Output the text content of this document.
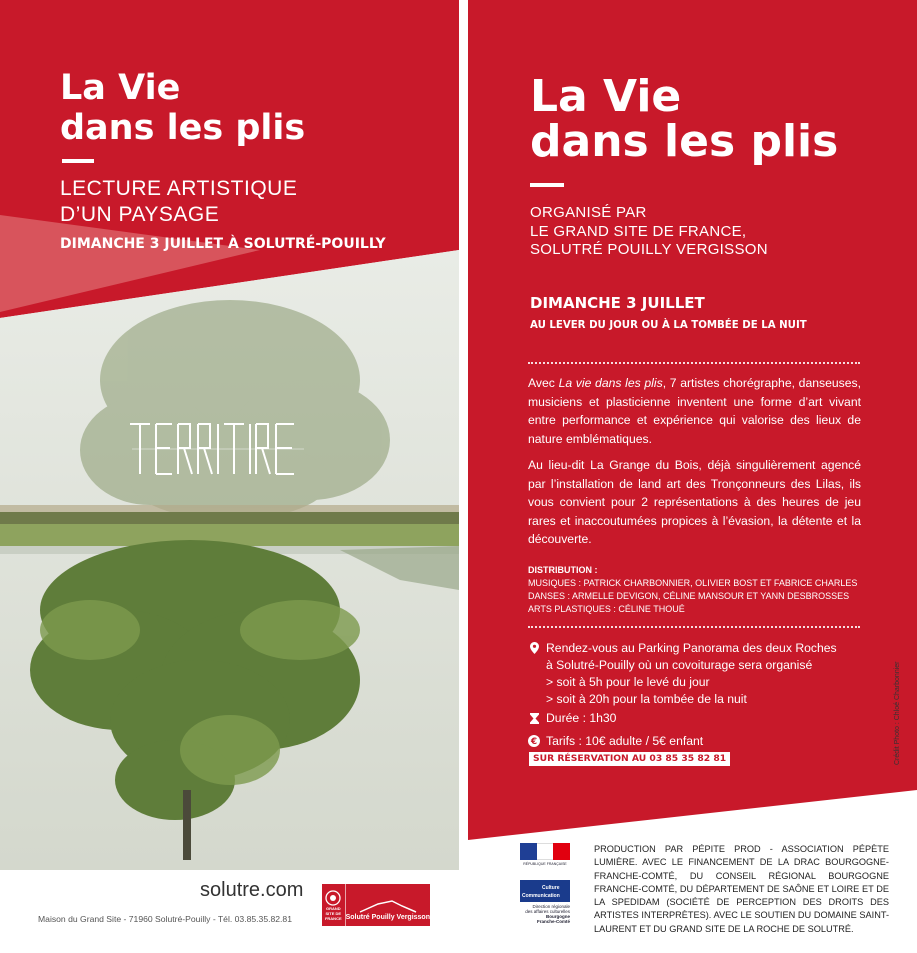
La Vie
dans les plis
LECTURE ARTISTIQUE
D’UN PAYSAGE
DIMANCHE 3 JUILLET À SOLUTRÉ-POUILLY
solutre.com
Maison du Grand Site - 71960 Solutré-Pouilly - Tél. 03.85.35.82.81
GRAND SITE DE FRANCE Solutré Pouilly Vergisson
La Vie
dans les plis
ORGANISÉ PAR
LE GRAND SITE DE FRANCE,
SOLUTRÉ POUILLY VERGISSON
DIMANCHE 3 JUILLET
AU LEVER DU JOUR OU À LA TOMBÉE DE LA NUIT
Avec La vie dans les plis, 7 artistes chorégraphe, danseuses, musiciens et plasticienne inventent une forme d’art vivant entre performance et expérience qui valorise des lieux de nature emblématiques.
Au lieu-dit La Grange du Bois, déjà singulièrement agencé par l’installation de land art des Tronçonneurs des Lilas, ils vous convient pour 2 représentations à des heures de jeu rares et inaccoutumées propices à l’évasion, la détente et la découverte.
DISTRIBUTION :
MUSIQUES : PATRICK CHARBONNIER, OLIVIER BOST ET FABRICE CHARLES
DANSES : ARMELLE DEVIGON, CÉLINE MANSOUR ET YANN DESBROSSES
ARTS PLASTIQUES : CÉLINE THOUÉ
Rendez-vous au Parking Panorama des deux Roches
à Solutré-Pouilly où un covoiturage sera organisé
> soit à 5h pour le levé du jour
> soit à 20h pour la tombée de la nuit
Durée : 1h30
€ Tarifs : 10€ adulte / 5€ enfant
SUR RÉSERVATION AU 03 85 35 82 81	Crédit Photo : Chloé Charbonnier
RÉPUBLIQUE FRANÇAISE
Culture
Communication
Direction régionale
des affaires culturelles
Bourgogne
Franche-Comté
PRODUCTION PAR PÉPITE PROD - ASSOCIATION PÉPÈTE LUMIÈRE. AVEC LE FINANCEMENT DE LA DRAC BOURGOGNE-FRANCHE-COMTÉ, DU CONSEIL RÉGIONAL BOURGOGNE FRANCHE-COMTÉ, DU DÉPARTEMENT DE SAÔNE ET LOIRE ET DE LA SPEDIDAM (SOCIÉTÉ DE PERCEPTION DES DROITS DES ARTISTES INTERPRÈTES). AVEC LE SOUTIEN DU DOMAINE SAINT-LAURENT ET DU GRAND SITE DE LA ROCHE DE SOLUTRÉ.
